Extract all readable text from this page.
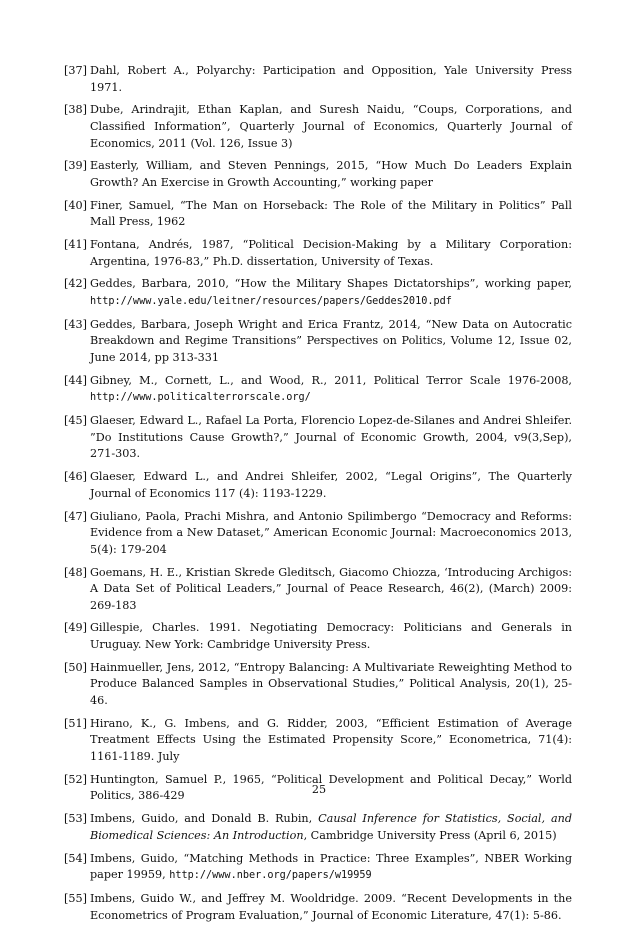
[37] Dahl, Robert A., Polyarchy: Participation and Opposition, Yale University Press 1971.
[38] Dube, Arindrajit, Ethan Kaplan, and Suresh Naidu, “Coups, Corporations, and Classified Information”, Quarterly Journal of Economics, Quarterly Journal of Economics, 2011 (Vol. 126, Issue 3)
[39] Easterly, William, and Steven Pennings, 2015, “How Much Do Leaders Explain Growth? An Exercise in Growth Accounting,” working paper
[40] Finer, Samuel, “The Man on Horseback: The Role of the Military in Politics” Pall Mall Press, 1962
[41] Fontana, Andrés, 1987, “Political Decision-Making by a Military Corporation: Argentina, 1976-83,” Ph.D. dissertation, University of Texas.
[42] Geddes, Barbara, 2010, “How the Military Shapes Dictatorships”, working paper, http://www.yale.edu/leitner/resources/papers/Geddes2010.pdf
[43] Geddes, Barbara, Joseph Wright and Erica Frantz, 2014, “New Data on Autocratic Breakdown and Regime Transitions” Perspectives on Politics, Volume 12, Issue 02, June 2014, pp 313-331
[44] Gibney, M., Cornett, L., and Wood, R., 2011, Political Terror Scale 1976-2008, http://www.politicalterrorscale.org/
[45] Glaeser, Edward L., Rafael La Porta, Florencio Lopez-de-Silanes and Andrei Shleifer. ”Do Institutions Cause Growth?,” Journal of Economic Growth, 2004, v9(3,Sep), 271-303.
[46] Glaeser, Edward L., and Andrei Shleifer, 2002, “Legal Origins”, The Quarterly Journal of Economics 117 (4): 1193-1229.
[47] Giuliano, Paola, Prachi Mishra, and Antonio Spilimbergo “Democracy and Reforms: Evidence from a New Dataset,” American Economic Journal: Macroeconomics 2013, 5(4): 179-204
[48] Goemans, H. E., Kristian Skrede Gleditsch, Giacomo Chiozza, ‘Introducing Archigos: A Data Set of Political Leaders,” Journal of Peace Research, 46(2), (March) 2009: 269-183
[49] Gillespie, Charles. 1991. Negotiating Democracy: Politicians and Generals in Uruguay. New York: Cambridge University Press.
[50] Hainmueller, Jens, 2012, “Entropy Balancing: A Multivariate Reweighting Method to Produce Balanced Samples in Observational Studies,” Political Analysis, 20(1), 25-46.
[51] Hirano, K., G. Imbens, and G. Ridder, 2003, “Efficient Estimation of Average Treatment Effects Using the Estimated Propensity Score,” Econometrica, 71(4): 1161-1189. July
[52] Huntington, Samuel P., 1965, “Political Development and Political Decay,” World Politics, 386-429
[53] Imbens, Guido, and Donald B. Rubin, Causal Inference for Statistics, Social, and Biomedical Sciences: An Introduction, Cambridge University Press (April 6, 2015)
[54] Imbens, Guido, “Matching Methods in Practice: Three Examples”, NBER Working paper 19959, http://www.nber.org/papers/w19959
[55] Imbens, Guido W., and Jeffrey M. Wooldridge. 2009. “Recent Developments in the Econometrics of Program Evaluation,” Journal of Economic Literature, 47(1): 5-86.
25
